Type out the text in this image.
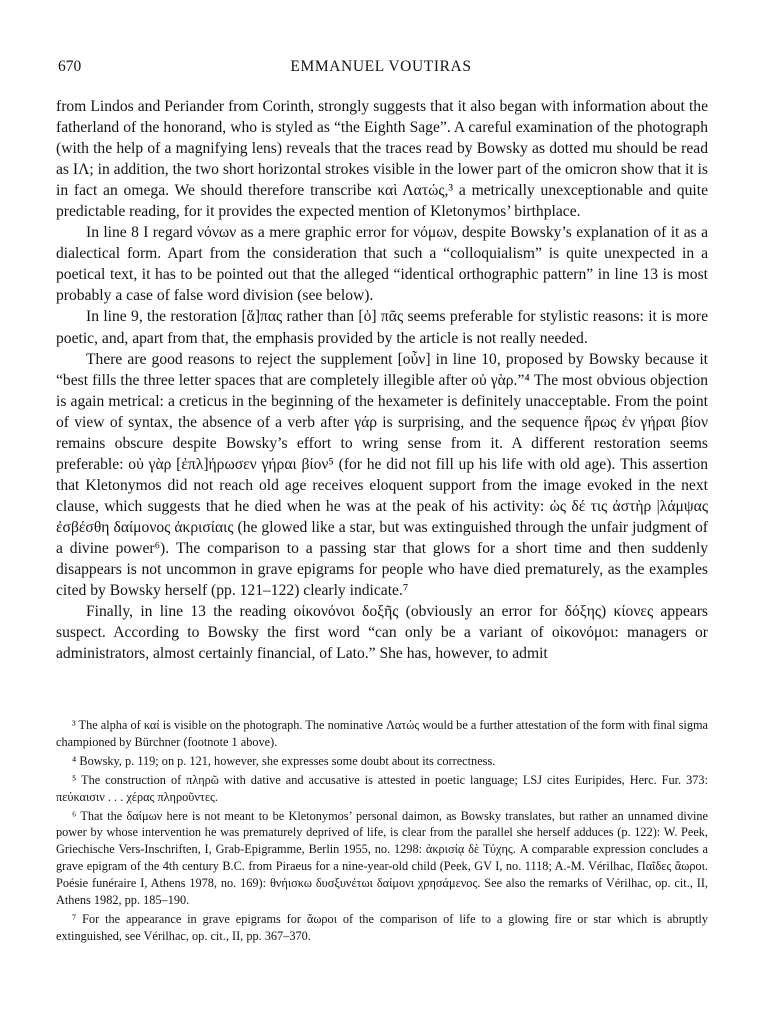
670	EMMANUEL VOUTIRAS

from Lindos and Periander from Corinth, strongly suggests that it also began with information about the fatherland of the honorand, who is styled as “the Eighth Sage”. A careful examination of the photograph (with the help of a magnifying lens) reveals that the traces read by Bowsky as dotted mu should be read as ΙΛ; in addition, the two short horizontal strokes visible in the lower part of the omicron show that it is in fact an omega. We should therefore transcribe καὶ Λατώς,³ a metrically unexceptionable and quite predictable reading, for it provides the expected mention of Kletonymos’ birthplace.

In line 8 I regard νόνων as a mere graphic error for νόμων, despite Bowsky’s explanation of it as a dialectical form. Apart from the consideration that such a “colloquialism” is quite unexpected in a poetical text, it has to be pointed out that the alleged “identical orthographic pattern” in line 13 is most probably a case of false word division (see below).

In line 9, the restoration [ἅ]πας rather than [ὁ] πᾶς seems preferable for stylistic reasons: it is more poetic, and, apart from that, the emphasis provided by the article is not really needed.

There are good reasons to reject the supplement [οὖν] in line 10, proposed by Bowsky because it “best fills the three letter spaces that are completely illegible after οὐ γὰρ.”⁴ The most obvious objection is again metrical: a creticus in the beginning of the hexameter is definitely unacceptable. From the point of view of syntax, the absence of a verb after γάρ is surprising, and the sequence ἥρως ἐν γήραι βίον remains obscure despite Bowsky’s effort to wring sense from it. A different restoration seems preferable: οὐ γὰρ [ἐπλ]ήρωσεν γήραι βίον⁵ (for he did not fill up his life with old age). This assertion that Kletonymos did not reach old age receives eloquent support from the image evoked in the next clause, which suggests that he died when he was at the peak of his activity: ὡς δέ τις ἀστὴρ |λάμψας ἐσβέσθη δαίμονος ἀκρισίαις (he glowed like a star, but was extinguished through the unfair judgment of a divine power⁶). The comparison to a passing star that glows for a short time and then suddenly disappears is not uncommon in grave epigrams for people who have died prematurely, as the examples cited by Bowsky herself (pp. 121–122) clearly indicate.⁷

Finally, in line 13 the reading οἰκονόνοι δοξῆς (obviously an error for δόξης) κίονες appears suspect. According to Bowsky the first word “can only be a variant of οἰκονόμοι: managers or administrators, almost certainly financial, of Lato.” She has, however, to admit

³ The alpha of καί is visible on the photograph. The nominative Λατώς would be a further attestation of the form with final sigma championed by Bürchner (footnote 1 above).

⁴ Bowsky, p. 119; on p. 121, however, she expresses some doubt about its correctness.

⁵ The construction of πληρῶ with dative and accusative is attested in poetic language; LSJ cites Euripides, Herc. Fur. 373: πεύκαισιν . . . χέρας πληροῦντες.

⁶ That the δαίμων here is not meant to be Kletonymos’ personal daimon, as Bowsky translates, but rather an unnamed divine power by whose intervention he was prematurely deprived of life, is clear from the parallel she herself adduces (p. 122): W. Peek, Griechische Vers-Inschriften, I, Grab-Epigramme, Berlin 1955, no. 1298: ἀκρισίᾳ δὲ Τύχης. A comparable expression concludes a grave epigram of the 4th century B.C. from Piraeus for a nine-year-old child (Peek, GV I, no. 1118; A.-M. Vérilhac, Παῖδες ἄωροι. Poésie funéraire I, Athens 1978, no. 169): θνήισκω δυσξυνέτωι δαίμονι χρησάμενος. See also the remarks of Vérilhac, op. cit., II, Athens 1982, pp. 185–190.

⁷ For the appearance in grave epigrams for ἄωροι of the comparison of life to a glowing fire or star which is abruptly extinguished, see Vérilhac, op. cit., II, pp. 367–370.
